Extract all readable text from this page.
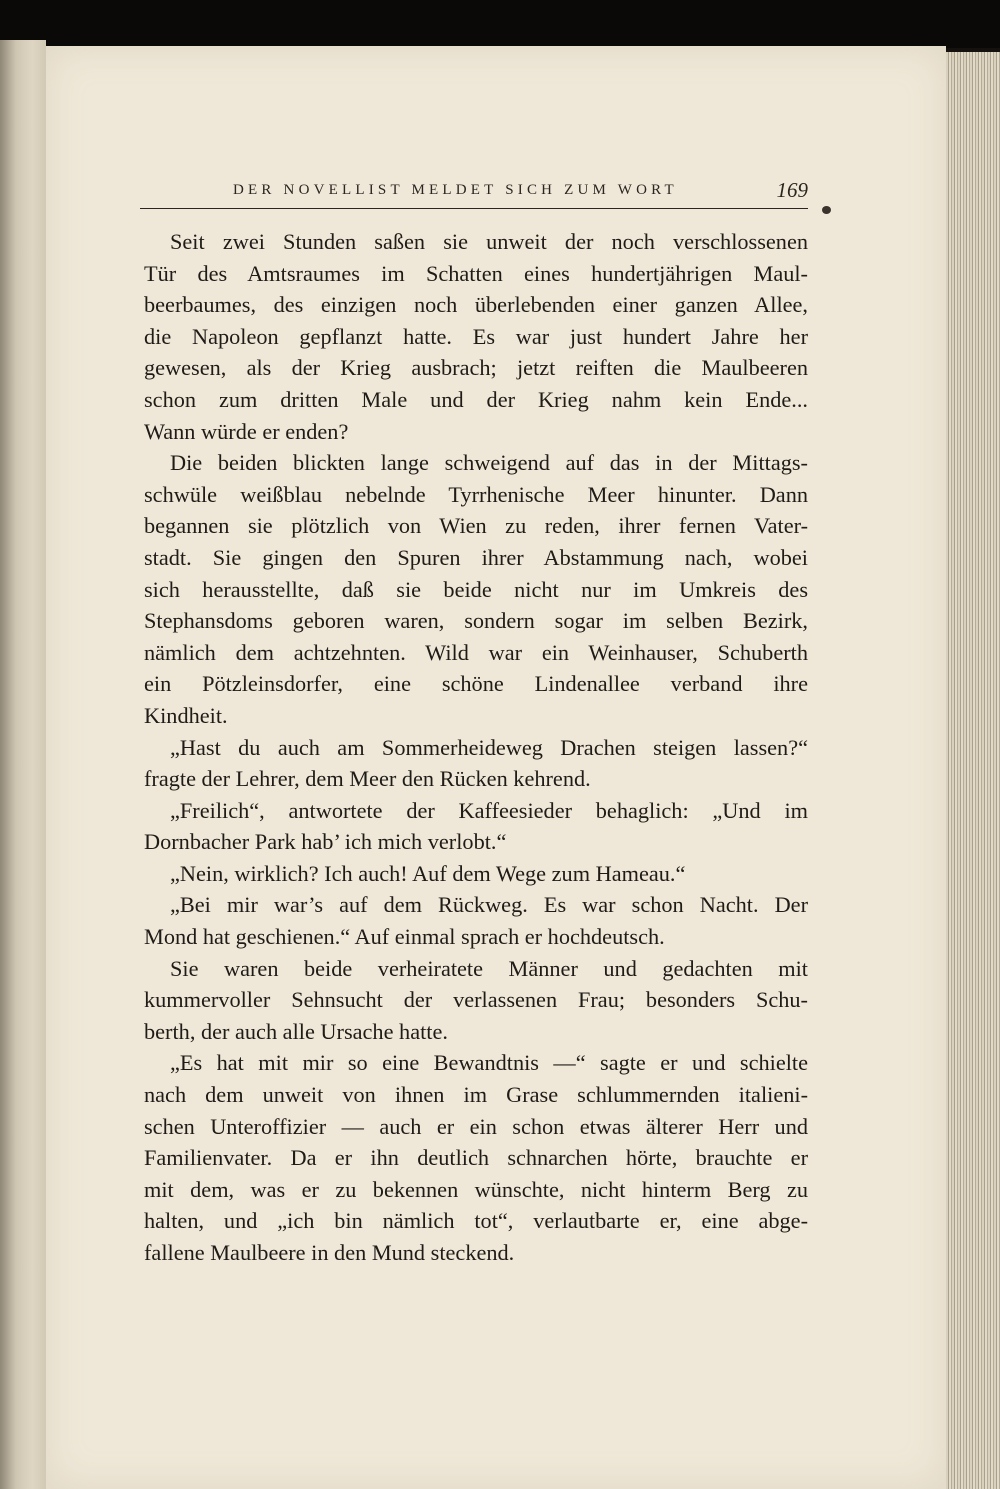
DER NOVELLIST MELDET SICH ZUM WORT	169
Seit zwei Stunden saßen sie unweit der noch verschlossenen
Tür des Amtsraumes im Schatten eines hundertjährigen Maul-
beerbaumes, des einzigen noch überlebenden einer ganzen Allee,
die Napoleon gepflanzt hatte. Es war just hundert Jahre her
gewesen, als der Krieg ausbrach; jetzt reiften die Maulbeeren
schon zum dritten Male und der Krieg nahm kein Ende...
Wann würde er enden?
Die beiden blickten lange schweigend auf das in der Mittags-
schwüle weißblau nebelnde Tyrrhenische Meer hinunter. Dann
begannen sie plötzlich von Wien zu reden, ihrer fernen Vater-
stadt. Sie gingen den Spuren ihrer Abstammung nach, wobei
sich herausstellte, daß sie beide nicht nur im Umkreis des
Stephansdoms geboren waren, sondern sogar im selben Bezirk,
nämlich dem achtzehnten. Wild war ein Weinhauser, Schuberth
ein Pötzleinsdorfer, eine schöne Lindenallee verband ihre
Kindheit.
„Hast du auch am Sommerheideweg Drachen steigen lassen?“
fragte der Lehrer, dem Meer den Rücken kehrend.
„Freilich“, antwortete der Kaffeesieder behaglich: „Und im
Dornbacher Park hab’ ich mich verlobt.“
„Nein, wirklich? Ich auch! Auf dem Wege zum Hameau.“
„Bei mir war’s auf dem Rückweg. Es war schon Nacht. Der
Mond hat geschienen.“ Auf einmal sprach er hochdeutsch.
Sie waren beide verheiratete Männer und gedachten mit
kummervoller Sehnsucht der verlassenen Frau; besonders Schu-
berth, der auch alle Ursache hatte.
„Es hat mit mir so eine Bewandtnis —“ sagte er und schielte
nach dem unweit von ihnen im Grase schlummernden italieni-
schen Unteroffizier — auch er ein schon etwas älterer Herr und
Familienvater. Da er ihn deutlich schnarchen hörte, brauchte er
mit dem, was er zu bekennen wünschte, nicht hinterm Berg zu
halten, und „ich bin nämlich tot“, verlautbarte er, eine abge-
fallene Maulbeere in den Mund steckend.
